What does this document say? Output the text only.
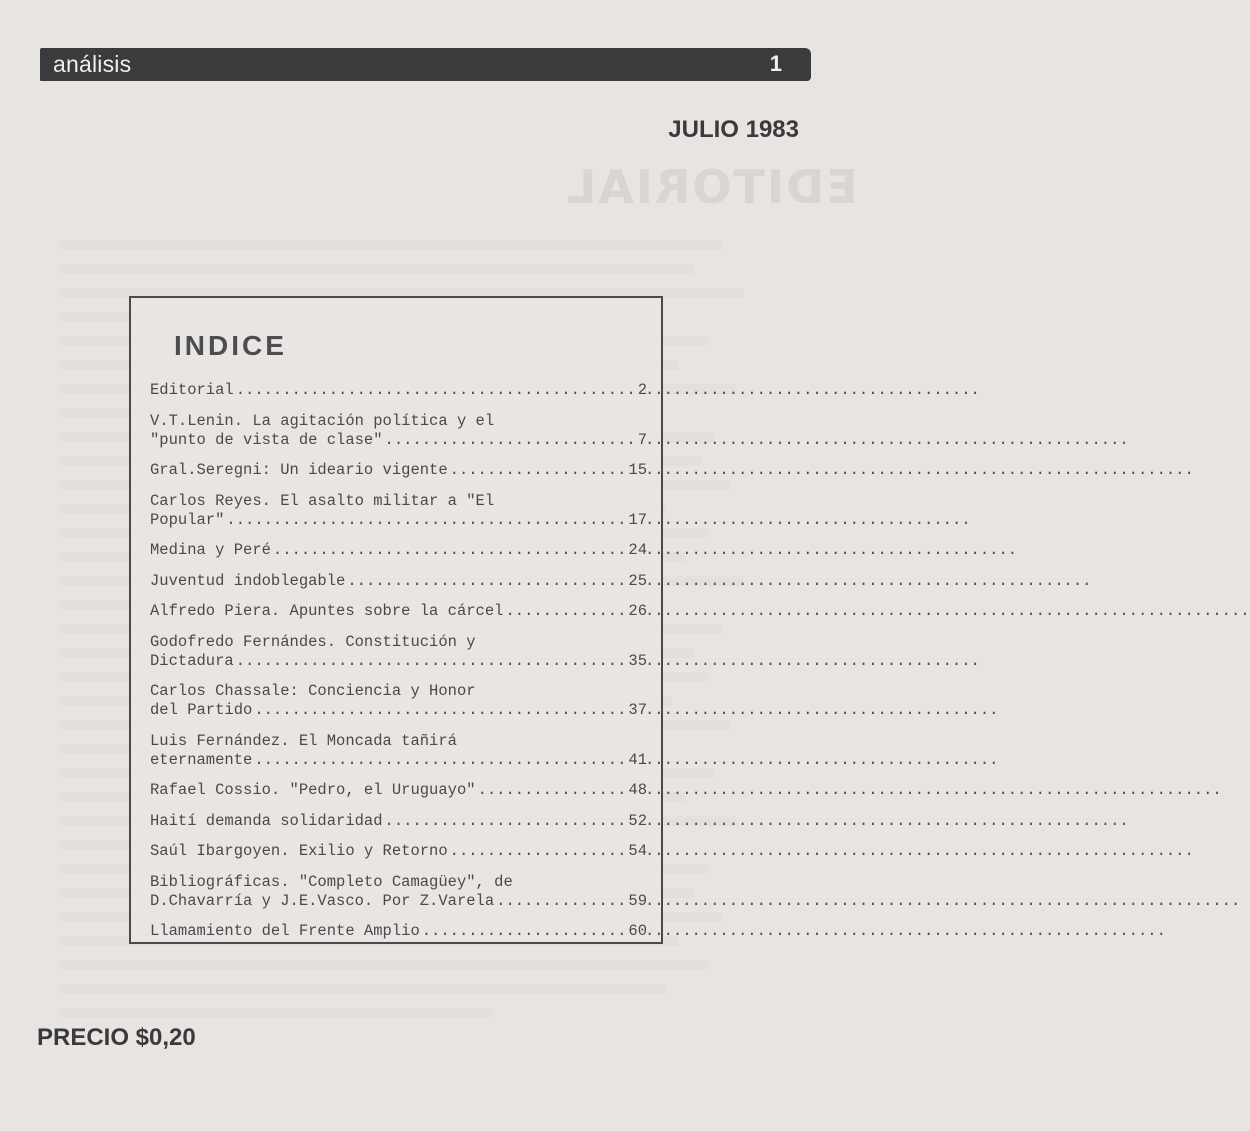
EDITORIAL
análisis	1
JULIO 1983
INDICE
Editorial .....	2
V.T.Lenin. La agitación política y el
"punto de vista de clase" .....	7
Gral.Seregni: Un ideario vigente .....	15
Carlos Reyes. El asalto militar a "El
Popular" .....	17
Medina y Peré .....	24
Juventud indoblegable .....	25
Alfredo Piera. Apuntes sobre la cárcel .....	26
Godofredo Fernándes. Constitución y
Dictadura .....	35
Carlos Chassale: Conciencia y Honor
del Partido .....	37
Luis Fernández. El Moncada tañirá
eternamente .....	41
Rafael Cossio. "Pedro, el Uruguayo" .....	48
Haití demanda solidaridad .....	52
Saúl Ibargoyen. Exilio y Retorno .....	54
Bibliográficas. "Completo Camagüey", de
D.Chavarría y J.E.Vasco. Por Z.Varela .....	59
Llamamiento del Frente Amplio .....	60
PRECIO $0,20
